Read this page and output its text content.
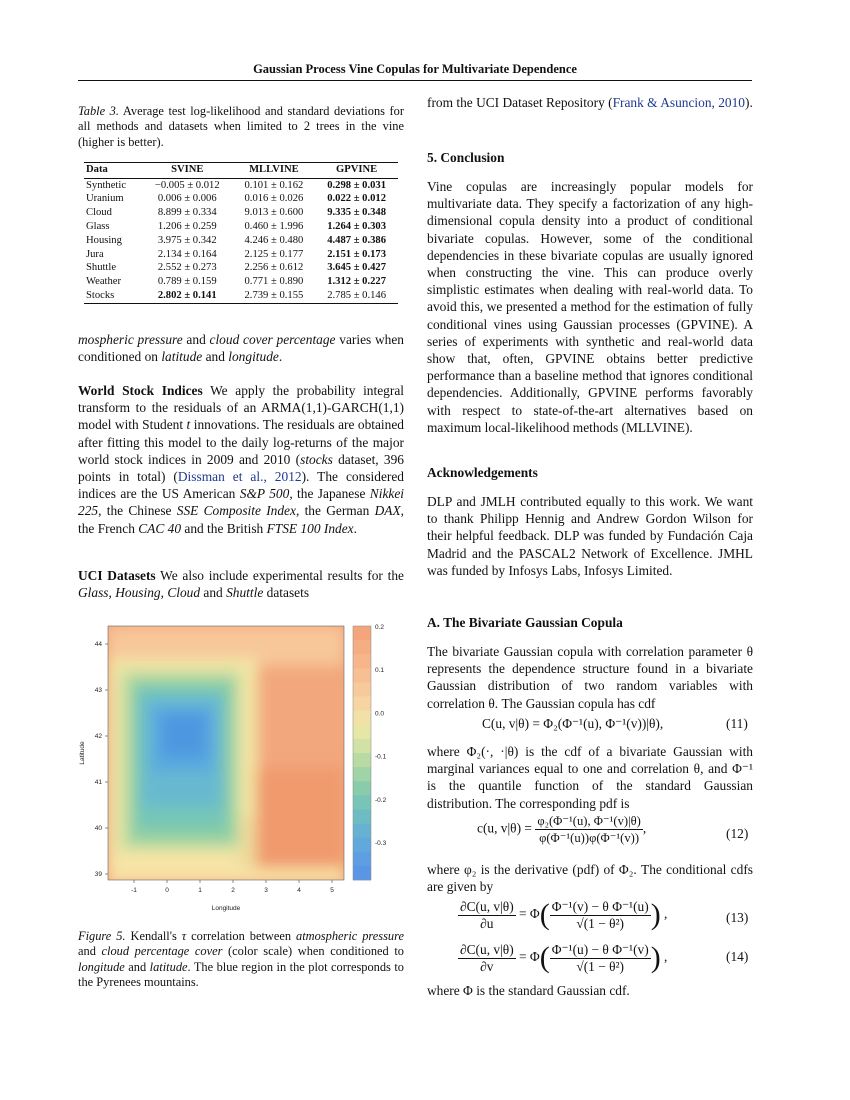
Gaussian Process Vine Copulas for Multivariate Dependence
Table 3. Average test log-likelihood and standard deviations for all methods and datasets when limited to 2 trees in the vine (higher is better).
Data	SVINE	MLLVINE	GPVINE
Synthetic	−0.005 ± 0.012	0.101 ± 0.162	0.298 ± 0.031
Uranium	0.006 ± 0.006	0.016 ± 0.026	0.022 ± 0.012
Cloud	8.899 ± 0.334	9.013 ± 0.600	9.335 ± 0.348
Glass	1.206 ± 0.259	0.460 ± 1.996	1.264 ± 0.303
Housing	3.975 ± 0.342	4.246 ± 0.480	4.487 ± 0.386
Jura	2.134 ± 0.164	2.125 ± 0.177	2.151 ± 0.173
Shuttle	2.552 ± 0.273	2.256 ± 0.612	3.645 ± 0.427
Weather	0.789 ± 0.159	0.771 ± 0.890	1.312 ± 0.227
Stocks	2.802 ± 0.141	2.739 ± 0.155	2.785 ± 0.146

mospheric pressure and cloud cover percentage varies when conditioned on latitude and longitude.

World Stock Indices We apply the probability integral transform to the residuals of an ARMA(1,1)-GARCH(1,1) model with Student t innovations. The residuals are obtained after fitting this model to the daily log-returns of the major world stock indices in 2009 and 2010 (stocks dataset, 396 points in total) (Dissman et al., 2012). The considered indices are the US American S&P 500, the Japanese Nikkei 225, the Chinese SSE Composite Index, the German DAX, the French CAC 40 and the British FTSE 100 Index.

UCI Datasets We also include experimental results for the Glass, Housing, Cloud and Shuttle datasets

44
43
42
41
40
39
-1	0	1	2	3	4	5
Longitude
Latitude
0.2
0.1
0.0
-0.1
-0.2
-0.3
Figure 5. Kendall's τ correlation between atmospheric pressure and cloud percentage cover (color scale) when conditioned to longitude and latitude. The blue region in the plot corresponds to the Pyrenees mountains.

from the UCI Dataset Repository (Frank & Asuncion, 2010).

5. Conclusion
Vine copulas are increasingly popular models for multivariate data. They specify a factorization of any high-dimensional copula density into a product of conditional bivariate copulas. However, some of the conditional dependencies in these bivariate copulas are usually ignored when constructing the vine. This can produce overly simplistic estimates when dealing with real-world data. To avoid this, we presented a method for the estimation of fully conditional vines using Gaussian processes (GPVINE). A series of experiments with synthetic and real-world data show that, often, GPVINE obtains better predictive performance than a baseline method that ignores conditional dependencies. Additionally, GPVINE performs favorably with respect to state-of-the-art alternatives based on maximum local-likelihood methods (MLLVINE).
Acknowledgements
DLP and JMLH contributed equally to this work. We want to thank Philipp Hennig and Andrew Gordon Wilson for their helpful feedback. DLP was funded by Fundación Caja Madrid and the PASCAL2 Network of Excellence. JMHL was funded by Infosys Labs, Infosys Limited.
A. The Bivariate Gaussian Copula
The bivariate Gaussian copula with correlation parameter θ represents the dependence structure found in a bivariate Gaussian distribution of two random variables with correlation θ. The Gaussian copula has cdf
C(u, v|θ) = Φ₂(Φ⁻¹(u), Φ⁻¹(v))|θ),	(11)
where Φ₂(·, ·|θ) is the cdf of a bivariate Gaussian with marginal variances equal to one and correlation θ, and Φ⁻¹ is the quantile function of the standard Gaussian distribution. The corresponding pdf is
c(u, $v|\theta) = \frac{\text{φ₂(Φ⁻¹(u), Φ⁻¹(v)|θ)}}{\text{φ(Φ⁻¹(u))φ(Φ⁻¹(v))}}$ ,	(12)
where φ₂ is the derivative (pdf) of Φ₂. The conditional cdfs are given by
$\frac{\partial C(u, v|\theta)}{\partial u} = \Phi( \frac{\text{Φ⁻¹(v) − θ Φ⁻¹(u)}}{\text{√(1 − θ²)}}$ ) ,	(13)
$\frac{\partial C(u, v|\theta)}{\partial v} = \Phi( \frac{\text{Φ⁻¹(u) − θ Φ⁻¹(v)}}{\text{√(1 − θ²)}}$ ) ,	(14)
where Φ is the standard Gaussian cdf.
